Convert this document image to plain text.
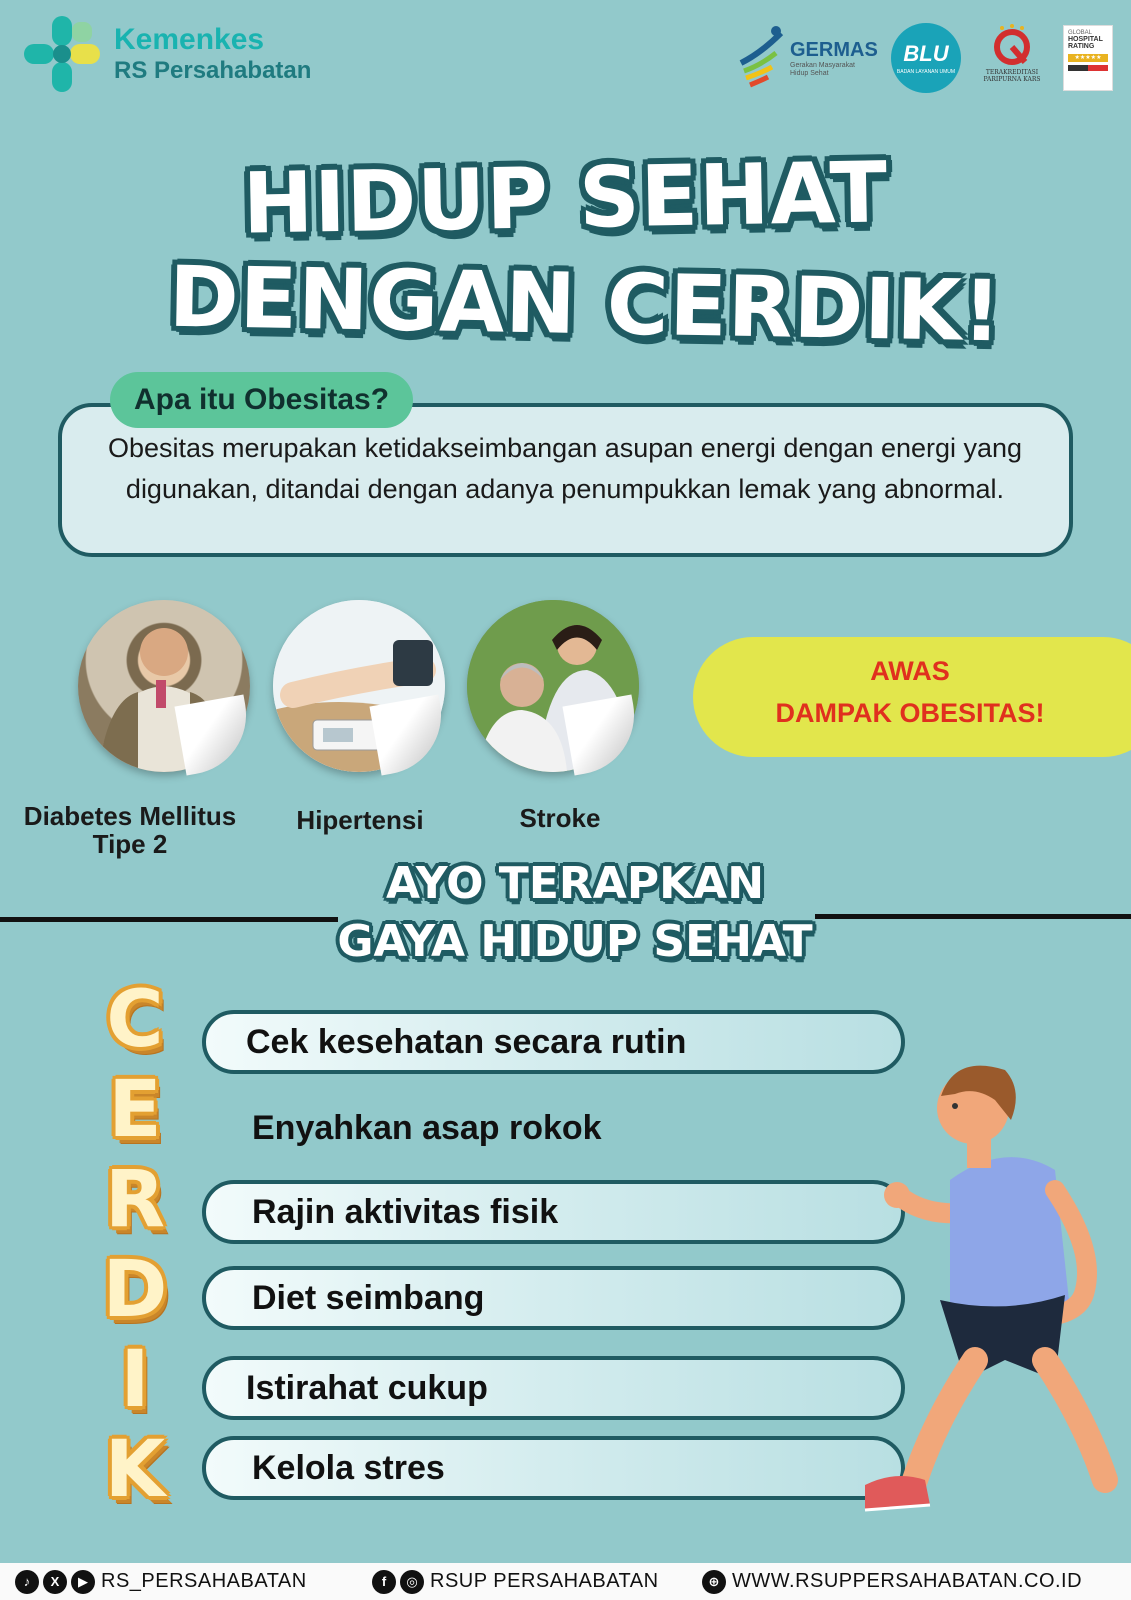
Kemenkes
RS Persahabatan
GERMAS
Gerakan Masyarakat Hidup Sehat
BLU
BADAN LAYANAN UMUM	TERAKREDITASI PARIPURNA KARS
GLOBAL
HOSPITAL
RATING
★★★★★
HIDUP SEHAT
DENGAN CERDIK!
Apa itu Obesitas?
Obesitas merupakan ketidakseimbangan asupan energi dengan energi yang digunakan, ditandai dengan adanya penumpukkan lemak yang abnormal.
Diabetes Mellitus Tipe 2
Hipertensi	Stroke
AWAS
DAMPAK OBESITAS!
AYO TERAPKAN
GAYA HIDUP SEHAT
C
E
R
D
I
K
Cek kesehatan secara rutin
Enyahkan asap rokok
Rajin aktivitas fisik
Diet seimbang
Istirahat cukup
Kelola stres
♪	X	▶ RS_PERSAHABATAN	f	◎ RSUP PERSAHABATAN	⊕ WWW.RSUPPERSAHABATAN.CO.ID
